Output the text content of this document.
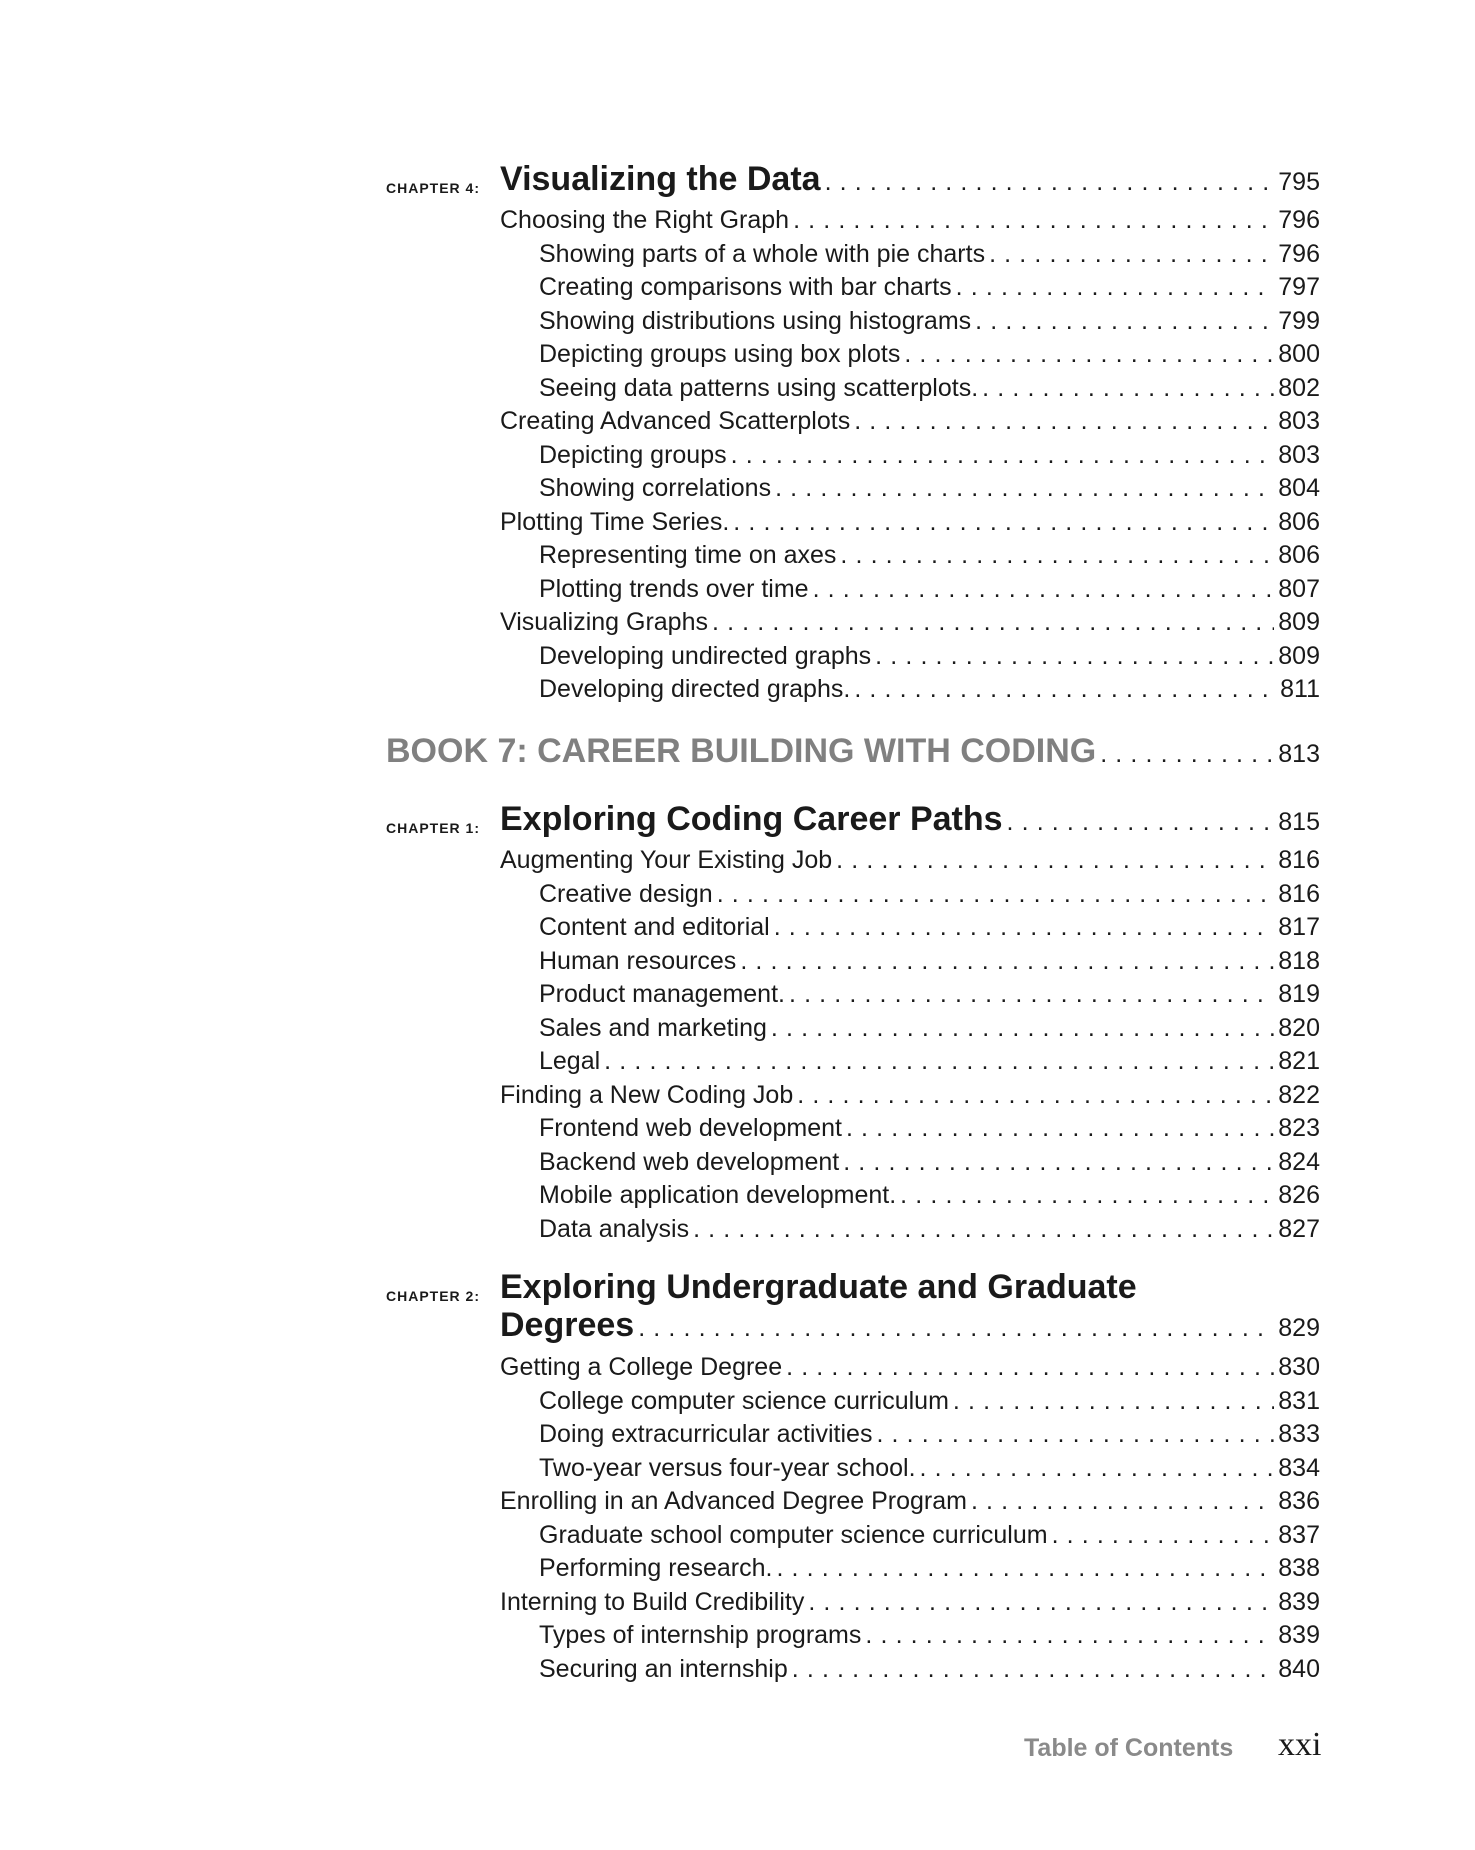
CHAPTER 4: Visualizing the Data . . .	795
Choosing the Right Graph . . .	796
Showing parts of a whole with pie charts . . .	796
Creating comparisons with bar charts . . .	797
Showing distributions using histograms . . .	799
Depicting groups using box plots . . .	800
Seeing data patterns using scatterplots. . . .	802
Creating Advanced Scatterplots . . .	803
Depicting groups . . .	803
Showing correlations . . .	804
Plotting Time Series. . . .	806
Representing time on axes . . .	806
Plotting trends over time . . .	807
Visualizing Graphs . . .	809
Developing undirected graphs . . .	809
Developing directed graphs. . . .	811
BOOK 7: CAREER BUILDING WITH CODING . . .	813
CHAPTER 1: Exploring Coding Career Paths . . .	815
Augmenting Your Existing Job . . .	816
Creative design . . .	816
Content and editorial . . .	817
Human resources . . .	818
Product management. . . .	819
Sales and marketing . . .	820
Legal . . .	821
Finding a New Coding Job . . .	822
Frontend web development . . .	823
Backend web development . . .	824
Mobile application development. . . .	826
Data analysis . . .	827
CHAPTER 2: Exploring Undergraduate and Graduate
Degrees . . .	829
Getting a College Degree . . .	830
College computer science curriculum . . .	831
Doing extracurricular activities . . .	833
Two-year versus four-year school. . . .	834
Enrolling in an Advanced Degree Program . . .	836
Graduate school computer science curriculum . . .	837
Performing research. . . .	838
Interning to Build Credibility . . .	839
Types of internship programs . . .	839
Securing an internship . . .	840
Table of Contents xxi
